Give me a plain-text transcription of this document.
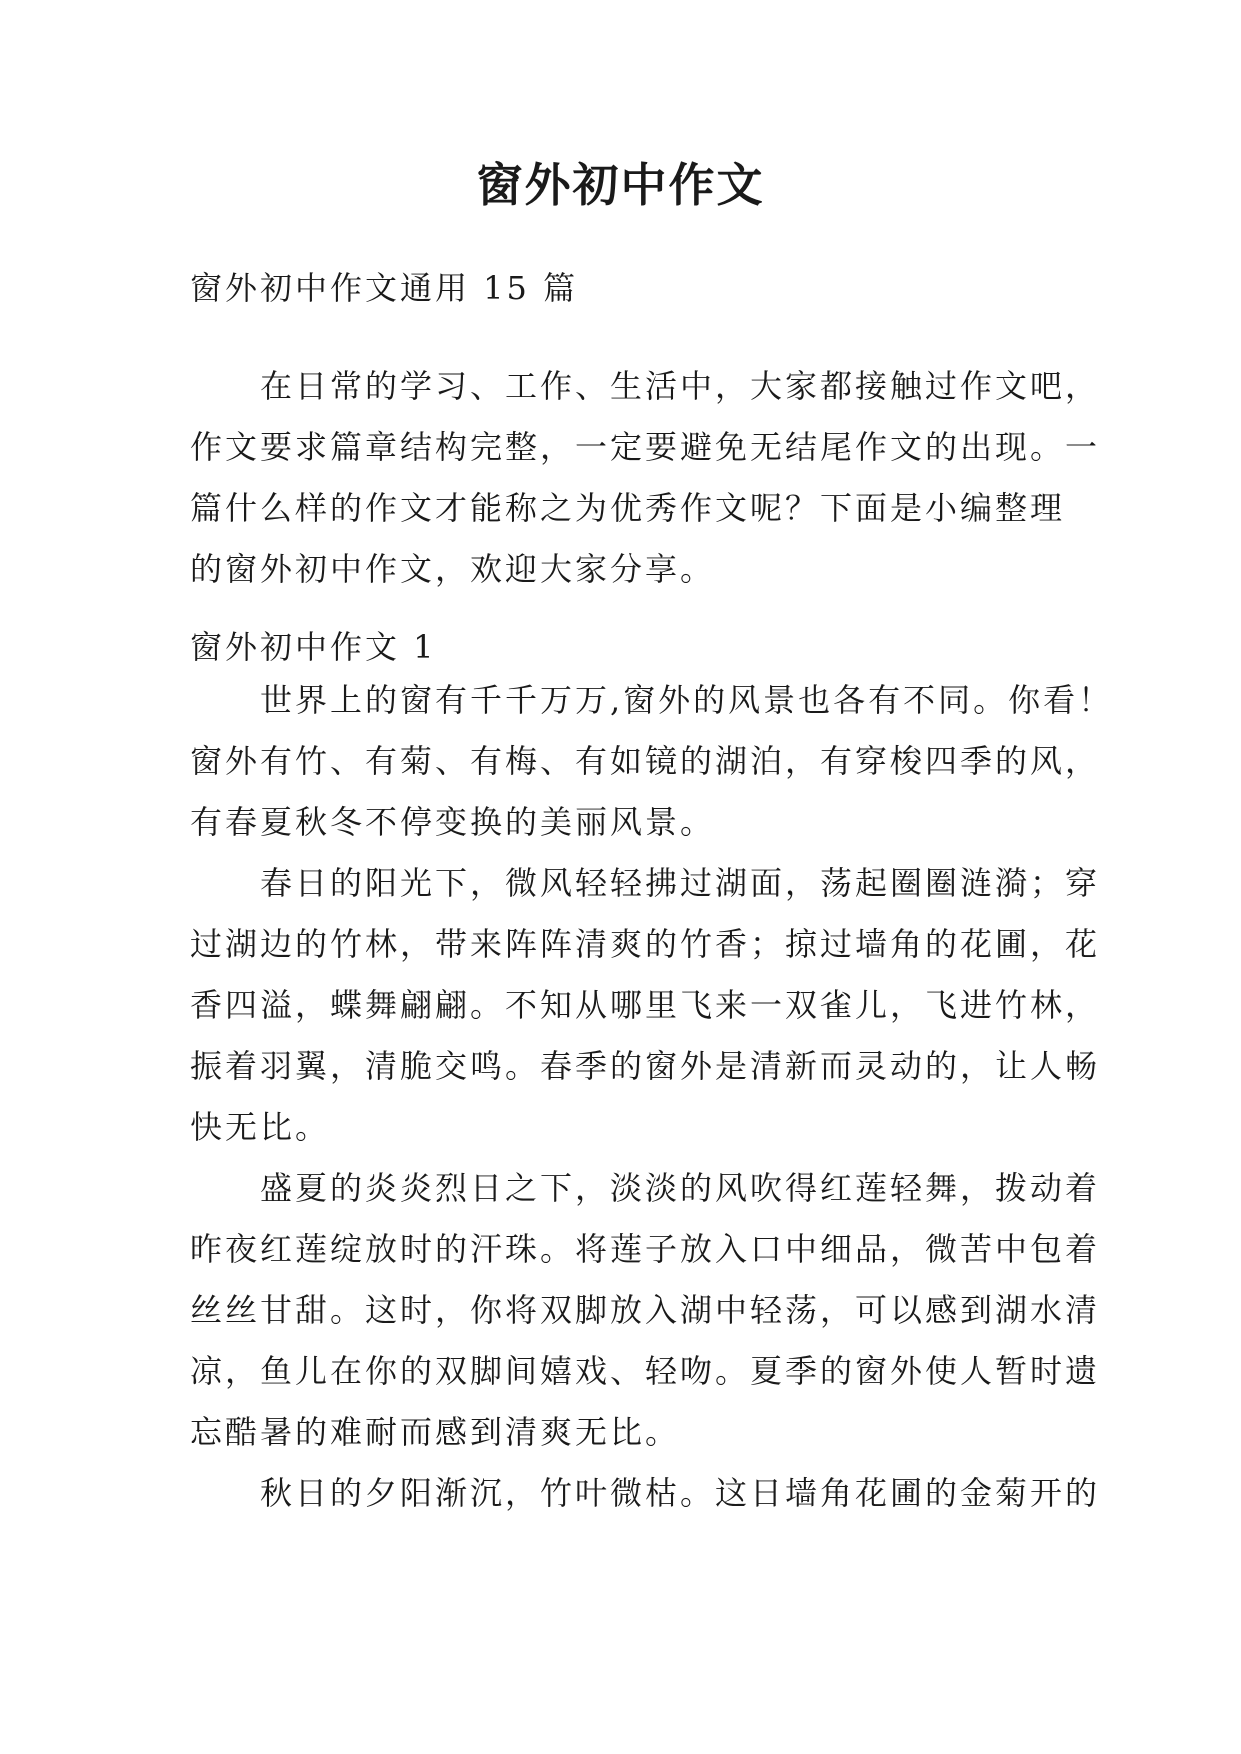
窗外初中作文
窗外初中作文通用 15 篇
在日常的学习、工作、生活中，大家都接触过作文吧，
作文要求篇章结构完整，一定要避免无结尾作文的出现。一
篇什么样的作文才能称之为优秀作文呢？下面是小编整理
的窗外初中作文，欢迎大家分享。
窗外初中作文 1
世界上的窗有千千万万,窗外的风景也各有不同。你看！
窗外有竹、有菊、有梅、有如镜的湖泊，有穿梭四季的风，
有春夏秋冬不停变换的美丽风景。
春日的阳光下，微风轻轻拂过湖面，荡起圈圈涟漪；穿
过湖边的竹林，带来阵阵清爽的竹香；掠过墙角的花圃，花
香四溢，蝶舞翩翩。不知从哪里飞来一双雀儿，飞进竹林，
振着羽翼，清脆交鸣。春季的窗外是清新而灵动的，让人畅
快无比。
盛夏的炎炎烈日之下，淡淡的风吹得红莲轻舞，拨动着
昨夜红莲绽放时的汗珠。将莲子放入口中细品，微苦中包着
丝丝甘甜。这时，你将双脚放入湖中轻荡，可以感到湖水清
凉，鱼儿在你的双脚间嬉戏、轻吻。夏季的窗外使人暂时遗
忘酷暑的难耐而感到清爽无比。
秋日的夕阳渐沉，竹叶微枯。这日墙角花圃的金菊开的
